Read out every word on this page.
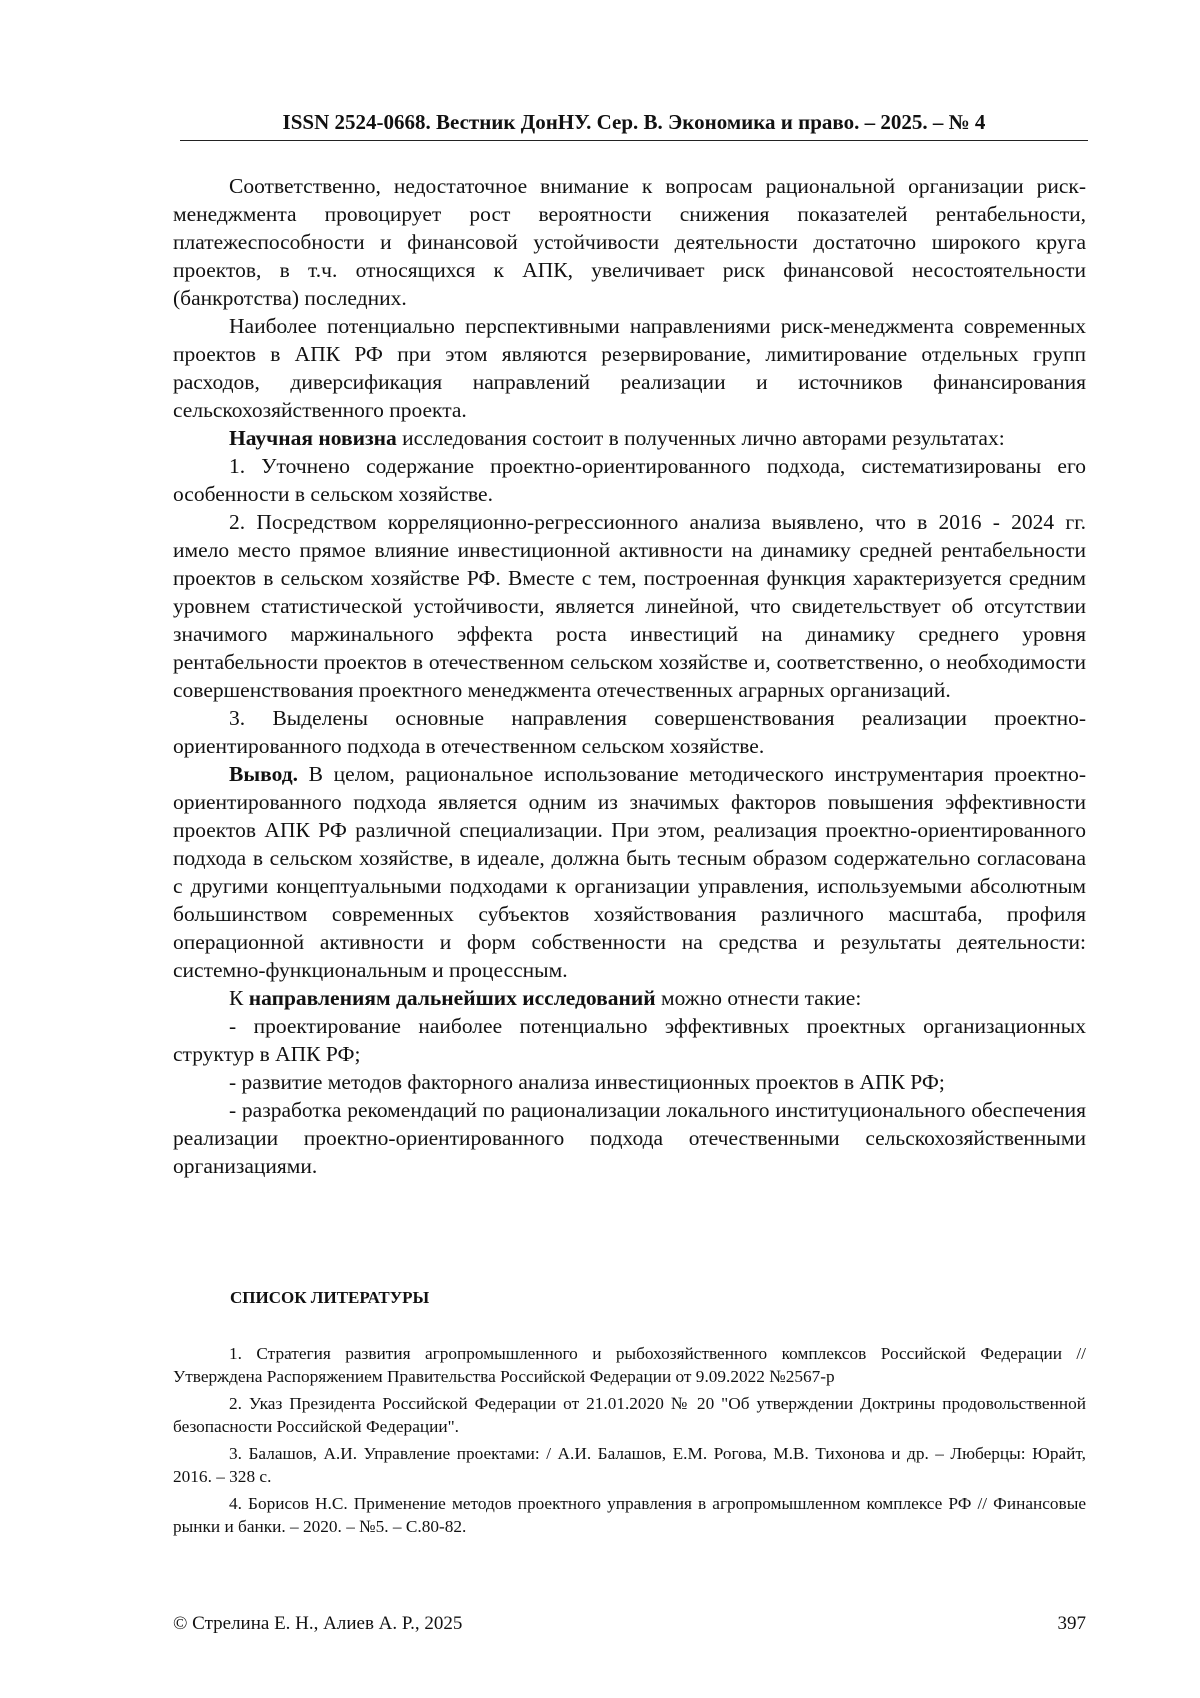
ISSN 2524-0668. Вестник ДонНУ. Сер. В. Экономика и право. – 2025. – № 4

Соответственно, недостаточное внимание к вопросам рациональной организации риск-менеджмента провоцирует рост вероятности снижения показателей рентабельности, платежеспособности и финансовой устойчивости деятельности достаточно широкого круга проектов, в т.ч. относящихся к АПК, увеличивает риск финансовой несостоятельности (банкротства) последних.

Наиболее потенциально перспективными направлениями риск-менеджмента современных проектов в АПК РФ при этом являются резервирование, лимитирование отдельных групп расходов, диверсификация направлений реализации и источников финансирования сельскохозяйственного проекта.

Научная новизна исследования состоит в полученных лично авторами результатах:

1. Уточнено содержание проектно-ориентированного подхода, систематизированы его особенности в сельском хозяйстве.

2. Посредством корреляционно-регрессионного анализа выявлено, что в 2016 - 2024 гг. имело место прямое влияние инвестиционной активности на динамику средней рентабельности проектов в сельском хозяйстве РФ. Вместе с тем, построенная функция характеризуется средним уровнем статистической устойчивости, является линейной, что свидетельствует об отсутствии значимого маржинального эффекта роста инвестиций на динамику среднего уровня рентабельности проектов в отечественном сельском хозяйстве и, соответственно, о необходимости совершенствования проектного менеджмента отечественных аграрных организаций.

3. Выделены основные направления совершенствования реализации проектно-ориентированного подхода в отечественном сельском хозяйстве.

Вывод. В целом, рациональное использование методического инструментария проектно-ориентированного подхода является одним из значимых факторов повышения эффективности проектов АПК РФ различной специализации. При этом, реализация проектно-ориентированного подхода в сельском хозяйстве, в идеале, должна быть тесным образом содержательно согласована с другими концептуальными подходами к организации управления, используемыми абсолютным большинством современных субъектов хозяйствования различного масштаба, профиля операционной активности и форм собственности на средства и результаты деятельности: системно-функциональным и процессным.

К направлениям дальнейших исследований можно отнести такие:

- проектирование наиболее потенциально эффективных проектных организационных структур в АПК РФ;

- развитие методов факторного анализа инвестиционных проектов в АПК РФ;

- разработка рекомендаций по рационализации локального институционального обеспечения реализации проектно-ориентированного подхода отечественными сельскохозяйственными организациями.

СПИСОК ЛИТЕРАТУРЫ

1. Стратегия развития агропромышленного и рыбохозяйственного комплексов Российской Федерации // Утверждена Распоряжением Правительства Российской Федерации от 9.09.2022 №2567-р

2. Указ Президента Российской Федерации от 21.01.2020 № 20 "Об утверждении Доктрины продовольственной безопасности Российской Федерации".

3. Балашов, А.И. Управление проектами: / А.И. Балашов, Е.М. Рогова, М.В. Тихонова и др. – Люберцы: Юрайт, 2016. – 328 с.

4. Борисов Н.С. Применение методов проектного управления в агропромышленном комплексе РФ // Финансовые рынки и банки. – 2020. – №5. – С.80-82.

© Стрелина Е. Н., Алиев А. Р., 2025	397
